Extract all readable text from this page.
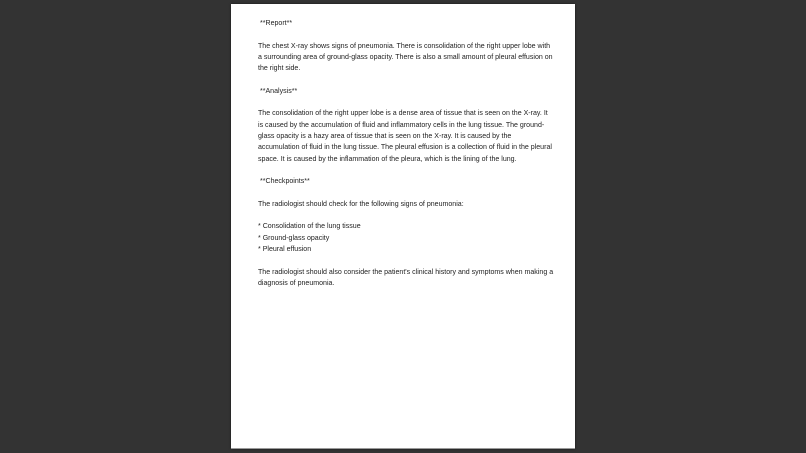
**Report**

The chest X-ray shows signs of pneumonia. There is consolidation of the right upper lobe with a surrounding area of ground-glass opacity. There is also a small amount of pleural effusion on the right side.

**Analysis**

The consolidation of the right upper lobe is a dense area of tissue that is seen on the X-ray. It is caused by the accumulation of fluid and inflammatory cells in the lung tissue. The ground-glass opacity is a hazy area of tissue that is seen on the X-ray. It is caused by the accumulation of fluid in the lung tissue. The pleural effusion is a collection of fluid in the pleural space. It is caused by the inflammation of the pleura, which is the lining of the lung.

**Checkpoints**

The radiologist should check for the following signs of pneumonia:

* Consolidation of the lung tissue
* Ground-glass opacity
* Pleural effusion

The radiologist should also consider the patient's clinical history and symptoms when making a diagnosis of pneumonia.
